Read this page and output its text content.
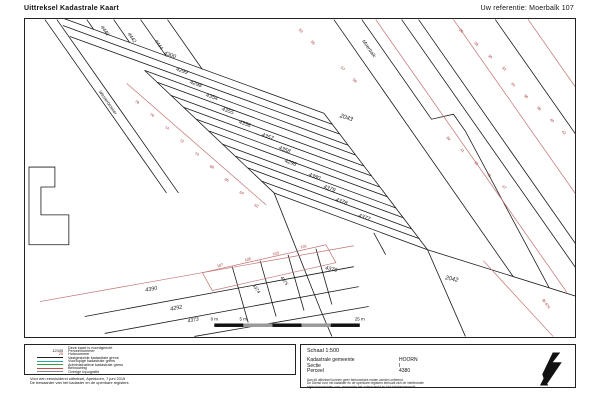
Uittreksel Kadastrale Kaart	Uw referentie: Moerbalk 107
4300
4299
4298
4354
4355
4356
4357
4358
4296
4380
4379
4378
4377
4440
4442
4444
2043
2042
4376
4390
4292
4373
4374
4375
Moerbalk
Westerblokker	78
76
74
72
70
68
66
64
62
53
55
57
59
26
28
30
32
34
36
38
40
42
39
41
43
45
47
107
105
103
101
Bl 474
0 m	5 m	25 m
Deze kaart is noordgericht
12345 Perceelnummer
25 Huisnummer
Vastgestelde kadastrale grens
Voorlopige kadastrale grens
Administratieve kadastrale grens
Bebouwing
Overige topografie
Voor een eensluidend uittreksel, Apeldoorn, 7 juni 2015
De bewaarder van het kadaster en de openbare registers
Schaal 1:500
Kadastrale gemeente	HOORN
Sectie	I
Perceel	4380
Aan dit uittreksel kunnen geen betrouwbare maten worden ontleend.
De Dienst voor het kadaster en de openbare registers behoudt zich de intellectuele
eigendomsrechten voor, waaronder het auteursrecht en het databankenrecht.
